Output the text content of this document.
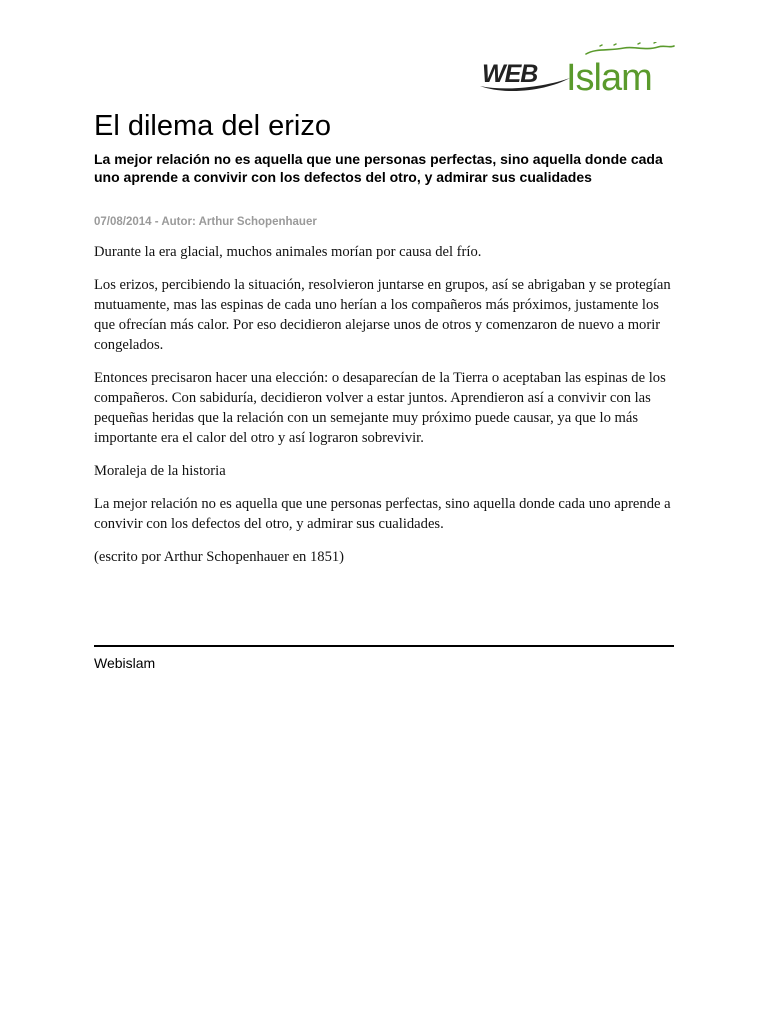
WEB Islam
El dilema del erizo

La mejor relación no es aquella que une personas perfectas, sino aquella donde cada uno aprende a convivir con los defectos del otro, y admirar sus cualidades

07/08/2014 - Autor: Arthur Schopenhauer

Durante la era glacial, muchos animales morían por causa del frío.

Los erizos, percibiendo la situación, resolvieron juntarse en grupos, así se abrigaban y se protegían mutuamente, mas las espinas de cada uno herían a los compañeros más próximos, justamente los que ofrecían más calor. Por eso decidieron alejarse unos de otros y comenzaron de nuevo a morir congelados.

Entonces precisaron hacer una elección: o desaparecían de la Tierra o aceptaban las espinas de los compañeros. Con sabiduría, decidieron volver a estar juntos. Aprendieron así a convivir con las pequeñas heridas que la relación con un semejante muy próximo puede causar, ya que lo más importante era el calor del otro y así lograron sobrevivir.

Moraleja de la historia

La mejor relación no es aquella que une personas perfectas, sino aquella donde cada uno aprende a convivir con los defectos del otro, y admirar sus cualidades.

(escrito por Arthur Schopenhauer en 1851)

Webislam
